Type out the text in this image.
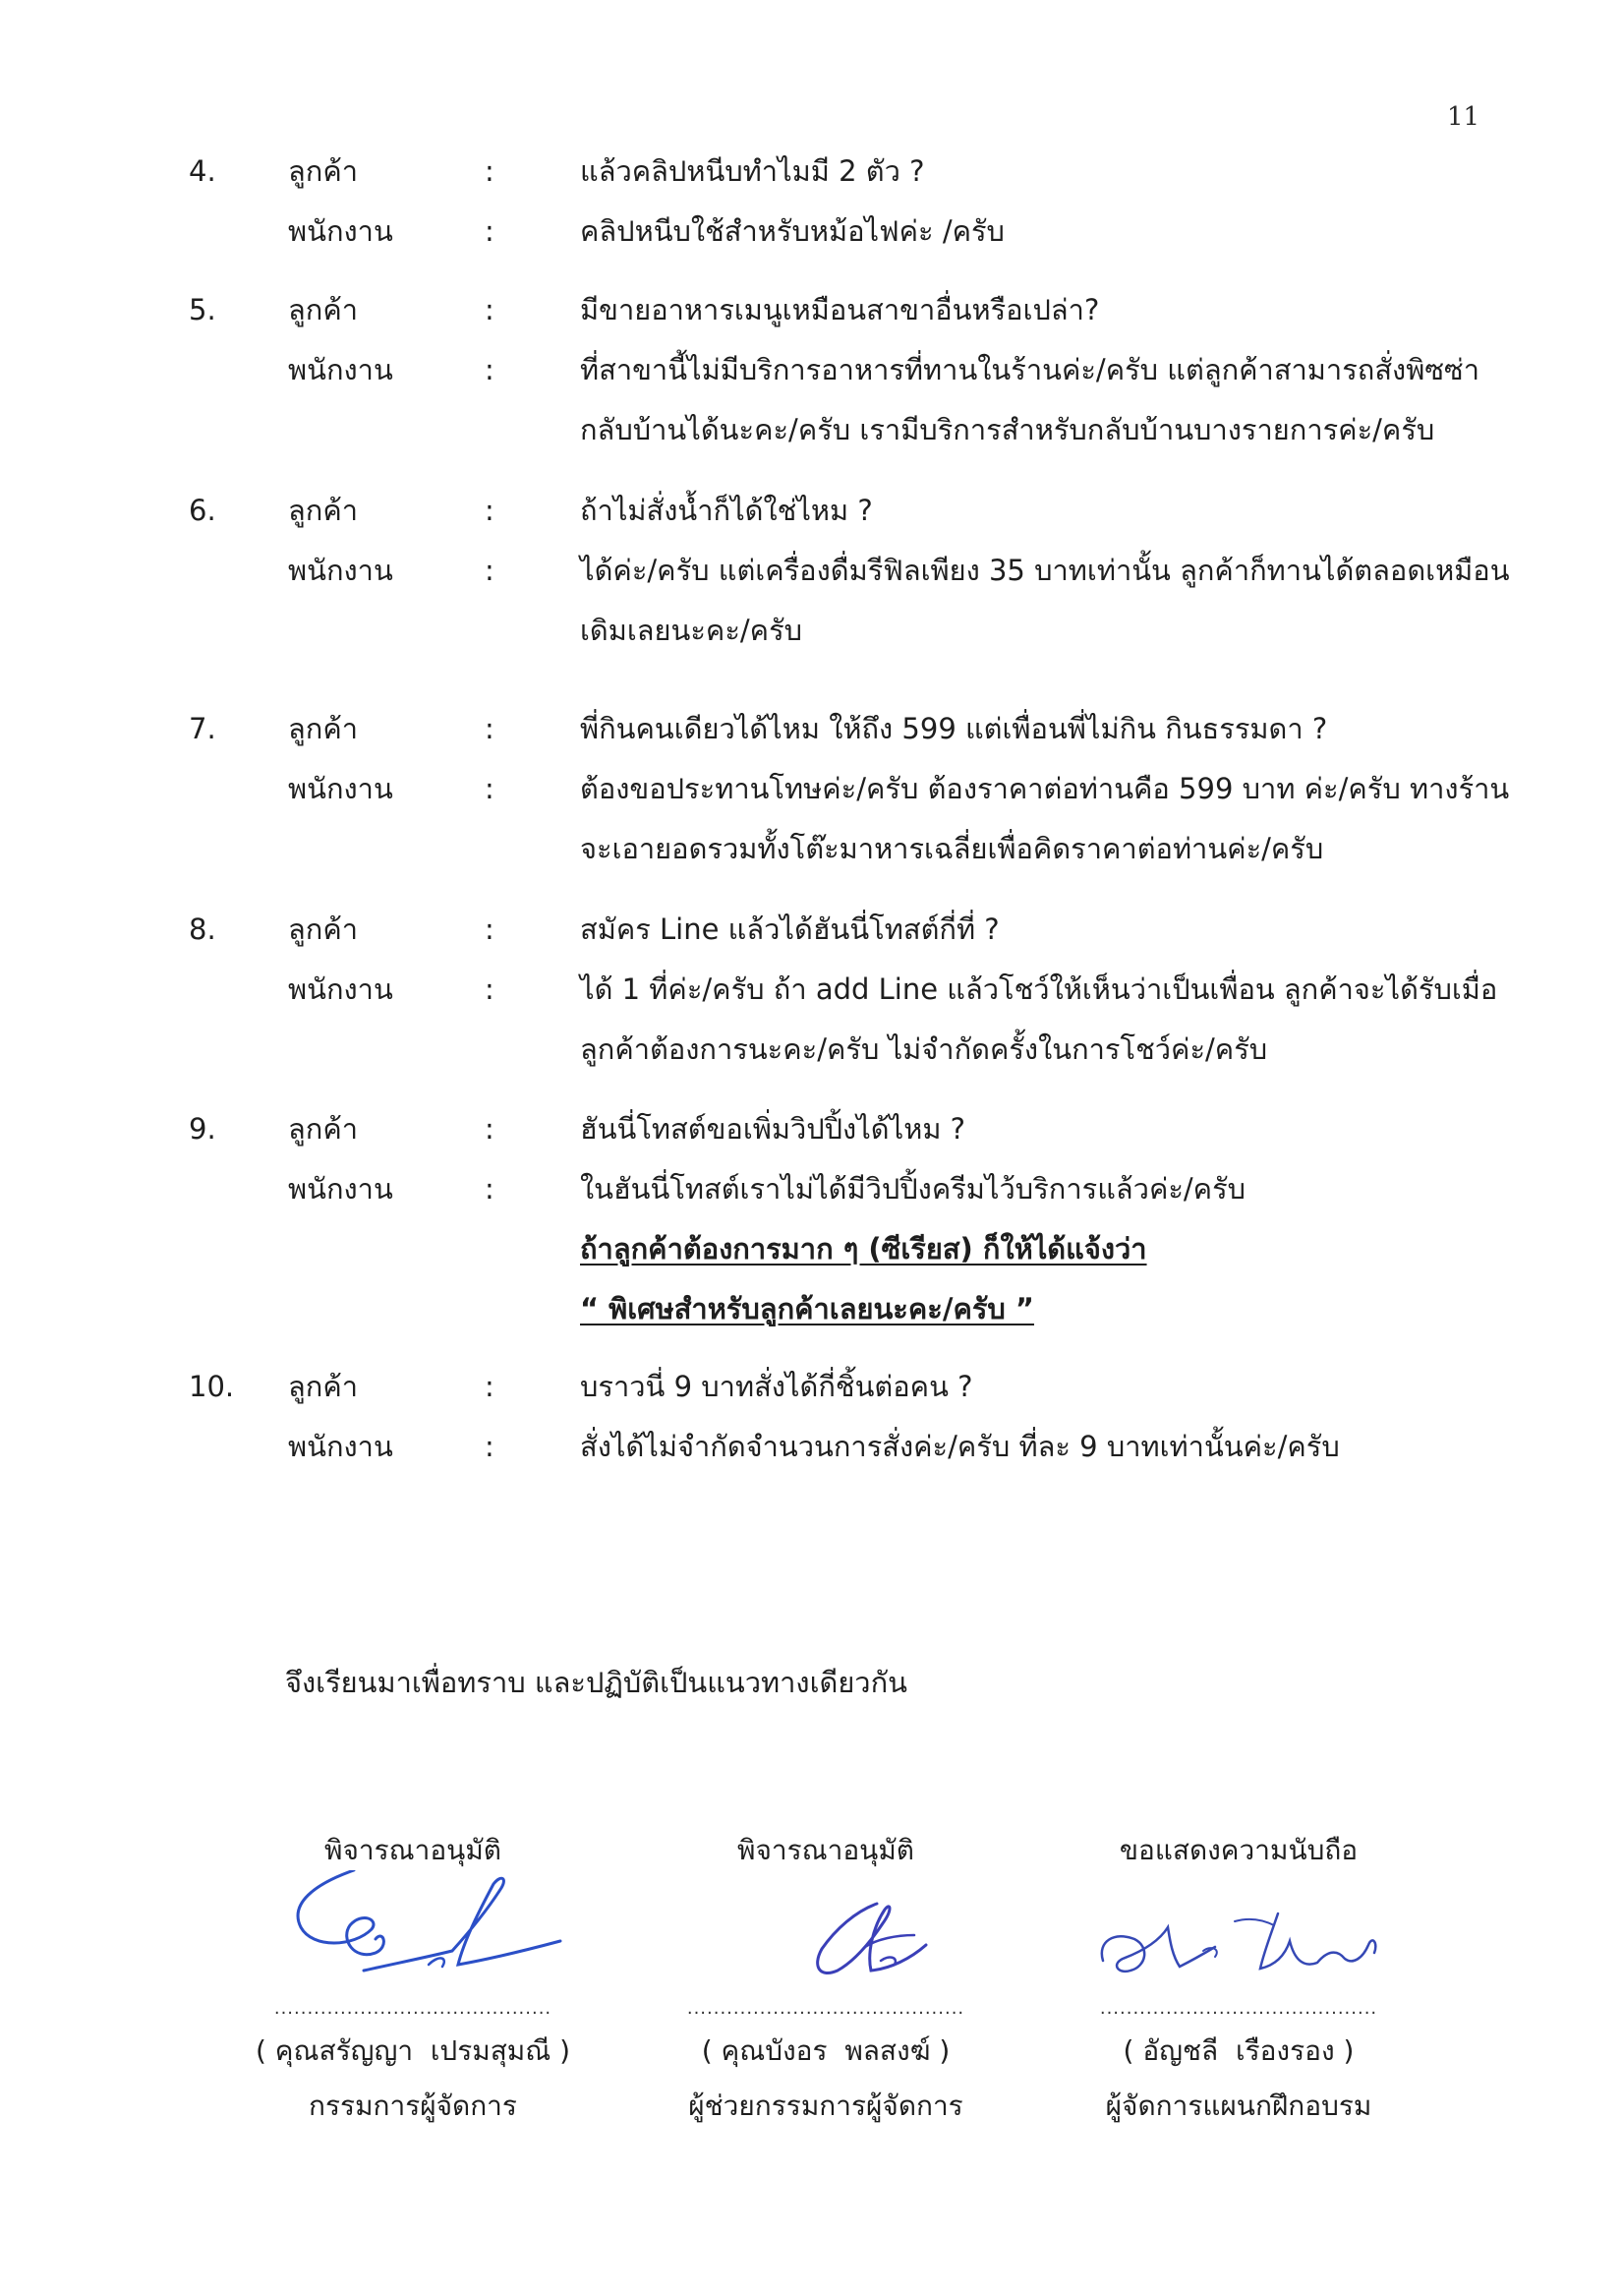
11
4.	ลูกค้า	:	แล้วคลิปหนีบทำไมมี 2 ตัว ?
พนักงาน	:	คลิปหนีบใช้สำหรับหม้อไฟค่ะ /ครับ
5.	ลูกค้า	:	มีขายอาหารเมนูเหมือนสาขาอื่นหรือเปล่า?
พนักงาน	:	ที่สาขานี้ไม่มีบริการอาหารที่ทานในร้านค่ะ/ครับ แต่ลูกค้าสามารถสั่งพิซซ่า
กลับบ้านได้นะคะ/ครับ เรามีบริการสำหรับกลับบ้านบางรายการค่ะ/ครับ
6.	ลูกค้า	:	ถ้าไม่สั่งน้ำก็ได้ใช่ไหม ?
พนักงาน	:	ได้ค่ะ/ครับ แต่เครื่องดื่มรีฟิลเพียง 35 บาทเท่านั้น ลูกค้าก็ทานได้ตลอดเหมือน
เดิมเลยนะคะ/ครับ
7.	ลูกค้า	:	พี่กินคนเดียวได้ไหม ให้ถึง 599 แต่เพื่อนพี่ไม่กิน กินธรรมดา ?
พนักงาน	:	ต้องขอประทานโทษค่ะ/ครับ ต้องราคาต่อท่านคือ 599 บาท ค่ะ/ครับ ทางร้าน
จะเอายอดรวมทั้งโต๊ะมาหารเฉลี่ยเพื่อคิดราคาต่อท่านค่ะ/ครับ
8.	ลูกค้า	:	สมัคร Line แล้วได้ฮันนี่โทสต์กี่ที่ ?
พนักงาน	:	ได้ 1 ที่ค่ะ/ครับ ถ้า add Line แล้วโชว์ให้เห็นว่าเป็นเพื่อน ลูกค้าจะได้รับเมื่อ
ลูกค้าต้องการนะคะ/ครับ ไม่จำกัดครั้งในการโชว์ค่ะ/ครับ
9.	ลูกค้า	:	ฮันนี่โทสต์ขอเพิ่มวิปปิ้งได้ไหม ?
พนักงาน	:	ในฮันนี่โทสต์เราไม่ได้มีวิปปิ้งครีมไว้บริการแล้วค่ะ/ครับ
ถ้าลูกค้าต้องการมาก ๆ (ซีเรียส) ก็ให้ได้แจ้งว่า
“ พิเศษสำหรับลูกค้าเลยนะคะ/ครับ ”
10. ลูกค้า	:	บราวนี่ 9 บาทสั่งได้กี่ชิ้นต่อคน ?
พนักงาน	:	สั่งได้ไม่จำกัดจำนวนการสั่งค่ะ/ครับ ที่ละ 9 บาทเท่านั้นค่ะ/ครับ
จึงเรียนมาเพื่อทราบ และปฏิบัติเป็นแนวทางเดียวกัน
พิจารณาอนุมัติ
..........................................
( คุณสรัญญา  เปรมสุมณี )
กรรมการผู้จัดการ
พิจารณาอนุมัติ
..........................................
( คุณบังอร  พลสงฆ์ )
ผู้ช่วยกรรมการผู้จัดการ
ขอแสดงความนับถือ
..........................................
( อัญชลี  เรืองรอง )
ผู้จัดการแผนกฝึกอบรม
